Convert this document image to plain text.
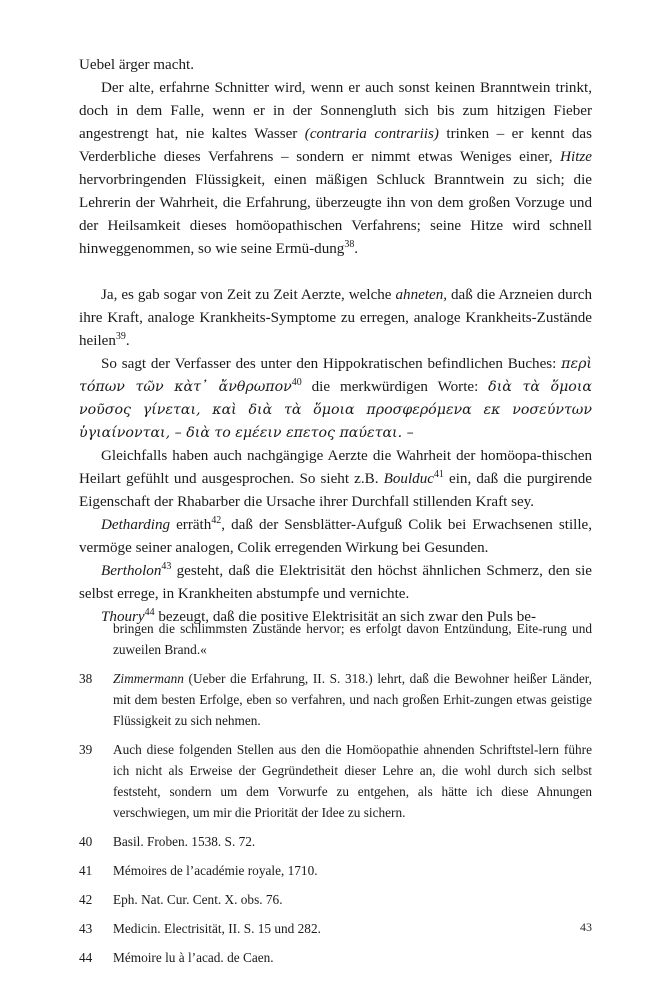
Uebel ärger macht.

Der alte, erfahrne Schnitter wird, wenn er auch sonst keinen Branntwein trinkt, doch in dem Falle, wenn er in der Sonnengluth sich bis zum hitzigen Fieber angestrengt hat, nie kaltes Wasser (contraria contrariis) trinken – er kennt das Verderbliche dieses Verfahrens – sondern er nimmt etwas Weniges einer, Hitze hervorbringenden Flüssigkeit, einen mäßigen Schluck Branntwein zu sich; die Lehrerin der Wahrheit, die Erfahrung, überzeugte ihn von dem großen Vorzuge und der Heilsamkeit dieses homöopathischen Verfahrens; seine Hitze wird schnell hinweggenommen, so wie seine Ermü-dung$^{38}$.

Ja, es gab sogar von Zeit zu Zeit Aerzte, welche ahneten, daß die Arzneien durch ihre Kraft, analoge Krankheits-Symptome zu erregen, analoge Krankheits-Zustände heilen$^{39}$.

So sagt der Verfasser des unter den Hippokratischen befindlichen Buches: περὶ τόπων τῶν κὰτ᾽ ἄνθρωπον$^{40}$ die merkwürdigen Worte: διὰ τὰ ὅμοια νοῦσος γίνεται, καὶ διὰ τὰ ὅμοια προσφερόμενα εκ νοσεύντων ὑγιαίνονται, – διὰ το εμέειν επετος παύεται. –

Gleichfalls haben auch nachgängige Aerzte die Wahrheit der homöopa-thischen Heilart gefühlt und ausgesprochen. So sieht z.B. Boulduc$^{41}$ ein, daß die purgirende Eigenschaft der Rhabarber die Ursache ihrer Durchfall stillenden Kraft sey.

Detharding erräth$^{42}$, daß der Sensblätter-Aufguß Colik bei Erwachsenen stille, vermöge seiner analogen, Colik erregenden Wirkung bei Gesunden.

Bertholon$^{43}$ gesteht, daß die Elektrisität den höchst ähnlichen Schmerz, den sie selbst errege, in Krankheiten abstumpfe und vernichte.

Thoury$^{44}$ bezeugt, daß die positive Elektrisität an sich zwar den Puls be-

bringen die schlimmsten Zustände hervor; es erfolgt davon Entzündung, Eite-rung und zuweilen Brand.«
38	Zimmermann (Ueber die Erfahrung, II. S. 318.) lehrt, daß die Bewohner heißer Länder, mit dem besten Erfolge, eben so verfahren, und nach großen Erhit-zungen etwas geistige Flüssigkeit zu sich nehmen.
39	Auch diese folgenden Stellen aus den die Homöopathie ahnenden Schriftstel-lern führe ich nicht als Erweise der Gegründetheit dieser Lehre an, die wohl durch sich selbst feststeht, sondern um dem Vorwurfe zu entgehen, als hätte ich diese Ahnungen verschwiegen, um mir die Priorität der Idee zu sichern.
40	Basil. Froben. 1538. S. 72.
41	Mémoires de l’académie royale, 1710.
42	Eph. Nat. Cur. Cent. X. obs. 76.
43	Medicin. Electrisität, II. S. 15 und 282.
44	Mémoire lu à l’acad. de Caen.
43
